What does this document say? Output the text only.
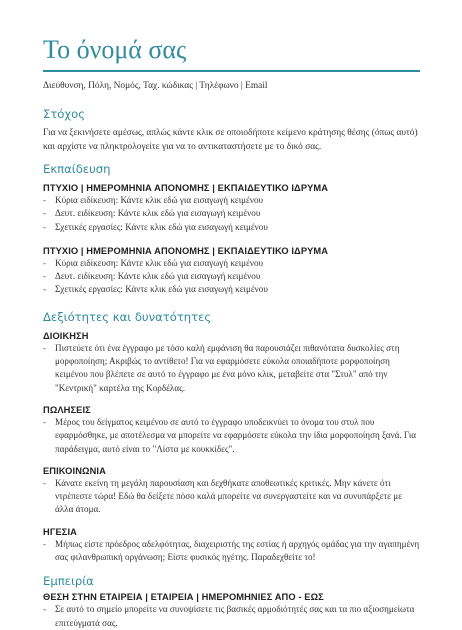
Το όνομά σας
Διεύθυνση, Πόλη, Νομός, Ταχ. κώδικας | Τηλέφωνο | Email
Στόχος
Για να ξεκινήσετε αμέσως, απλώς κάντε κλικ σε οποιοδήποτε κείμενο κράτησης θέσης (όπως αυτό) και αρχίστε να πληκτρολογείτε για να το αντικαταστήσετε με το δικό σας.
Εκπαίδευση
ΠΤΥΧΙΟ | ΗΜΕΡΟΜΗΝΙΑ ΑΠΟΝΟΜΗΣ | ΕΚΠΑΙΔΕΥΤΙΚΟ ΙΔΡΥΜΑ
- Κύρια ειδίκευση: Κάντε κλικ εδώ για εισαγωγή κειμένου
- Δευτ. ειδίκευση: Κάντε κλικ εδώ για εισαγωγή κειμένου
- Σχετικές εργασίες: Κάντε κλικ εδώ για εισαγωγή κειμένου
ΠΤΥΧΙΟ | ΗΜΕΡΟΜΗΝΙΑ ΑΠΟΝΟΜΗΣ | ΕΚΠΑΙΔΕΥΤΙΚΟ ΙΔΡΥΜΑ
- Κύρια ειδίκευση: Κάντε κλικ εδώ για εισαγωγή κειμένου
- Δευτ. ειδίκευση: Κάντε κλικ εδώ για εισαγωγή κειμένου
- Σχετικές εργασίες: Κάντε κλικ εδώ για εισαγωγή κειμένου
Δεξιότητες και δυνατότητες
ΔΙΟΙΚΗΣΗ
- Πιστεύετε ότι ένα έγγραφο με τόσο καλή εμφάνιση θα παρουσιάζει πιθανότατα δυσκολίες στη μορφοποίηση; Ακριβώς το αντίθετο! Για να εφαρμόσετε εύκολα οποιαδήποτε μορφοποίηση κειμένου που βλέπετε σε αυτό το έγγραφο με ένα μόνο κλικ, μεταβείτε στα "Στυλ" από την "Κεντρική" καρτέλα της Κορδέλας.
ΠΩΛΗΣΕΙΣ
- Μέρος του δείγματος κειμένου σε αυτό το έγγραφο υποδεικνύει το όνομα του στυλ που εφαρμόσθηκε, με αποτέλεσμα να μπορείτε να εφαρμόσετε εύκολα την ίδια μορφοποίηση ξανά. Για παράδειγμα, αυτό είναι το "Λίστα με κουκκίδες".
ΕΠΙΚΟΙΝΩΝΙΑ
- Κάνατε εκείνη τη μεγάλη παρουσίαση και δεχθήκατε αποθεωτικές κριτικές. Μην κάνετε ότι ντρέπεστε τώρα! Εδώ θα δείξετε πόσο καλά μπορείτε να συνεργαστείτε και να συνυπάρξετε με άλλα άτομα.
ΗΓΕΣΙΑ
- Μήπως είστε πρόεδρος αδελφότητας, διαχειριστής της εστίας ή αρχηγός ομάδας για την αγαπημένη σας φιλανθρωπική οργάνωση; Είστε φυσικός ηγέτης. Παραδεχθείτε το!
Εμπειρία
ΘΕΣΗ ΣΤΗΝ ΕΤΑΙΡΕΙΑ | ΕΤΑΙΡΕΙΑ | ΗΜΕΡΟΜΗΝΙΕΣ ΑΠΟ - ΕΩΣ
- Σε αυτό το σημείο μπορείτε να συνοψίσετε τις βασικές αρμοδιότητές σας και τα πιο αξιοσημείωτα επιτεύγματά σας.
